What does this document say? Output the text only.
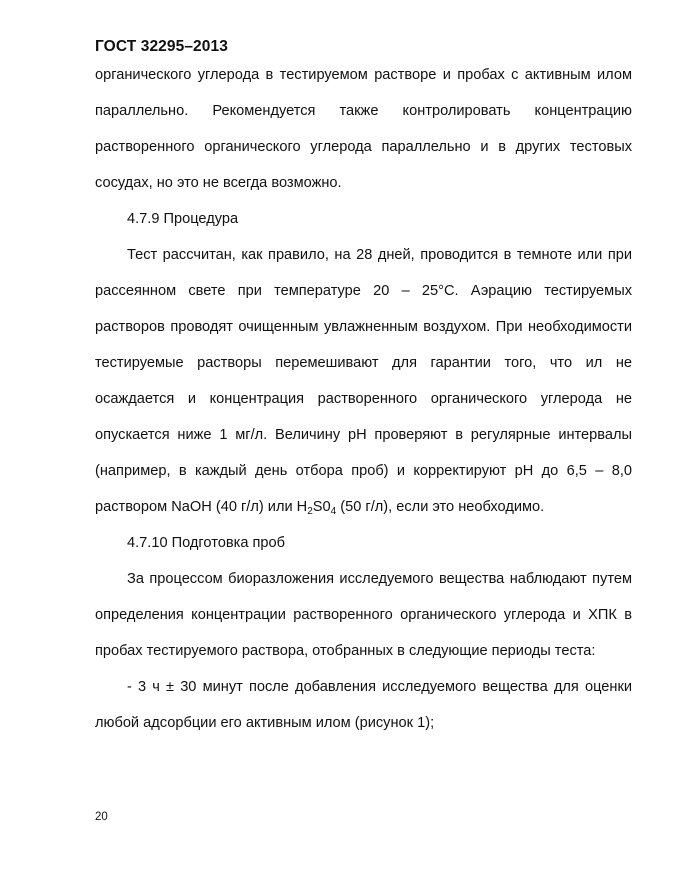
ГОСТ 32295–2013

органического углерода в тестируемом растворе и пробах с активным илом параллельно. Рекомендуется также контролировать концентрацию растворенного органического углерода параллельно и в других тестовых сосудах, но это не всегда возможно.

4.7.9 Процедура

Тест рассчитан, как правило, на 28 дней, проводится в темноте или при рассеянном свете при температуре 20 – 25°С. Аэрацию тестируемых растворов проводят очищенным увлажненным воздухом. При необходимости тестируемые растворы перемешивают для гарантии того, что ил не осаждается и концентрация растворенного органического углерода не опускается ниже 1 мг/л. Величину рН проверяют в регулярные интервалы (например, в каждый день отбора проб) и корректируют рН до 6,5 – 8,0 раствором NaOH (40 г/л) или $H_2S0_4$ (50 г/л), если это необходимо.

4.7.10 Подготовка проб

За процессом биоразложения исследуемого вещества наблюдают путем определения концентрации растворенного органического углерода и ХПК в пробах тестируемого раствора, отобранных в следующие периоды теста:

- 3 ч ± 30 минут после добавления исследуемого вещества для оценки любой адсорбции его активным илом (рисунок 1);

20
